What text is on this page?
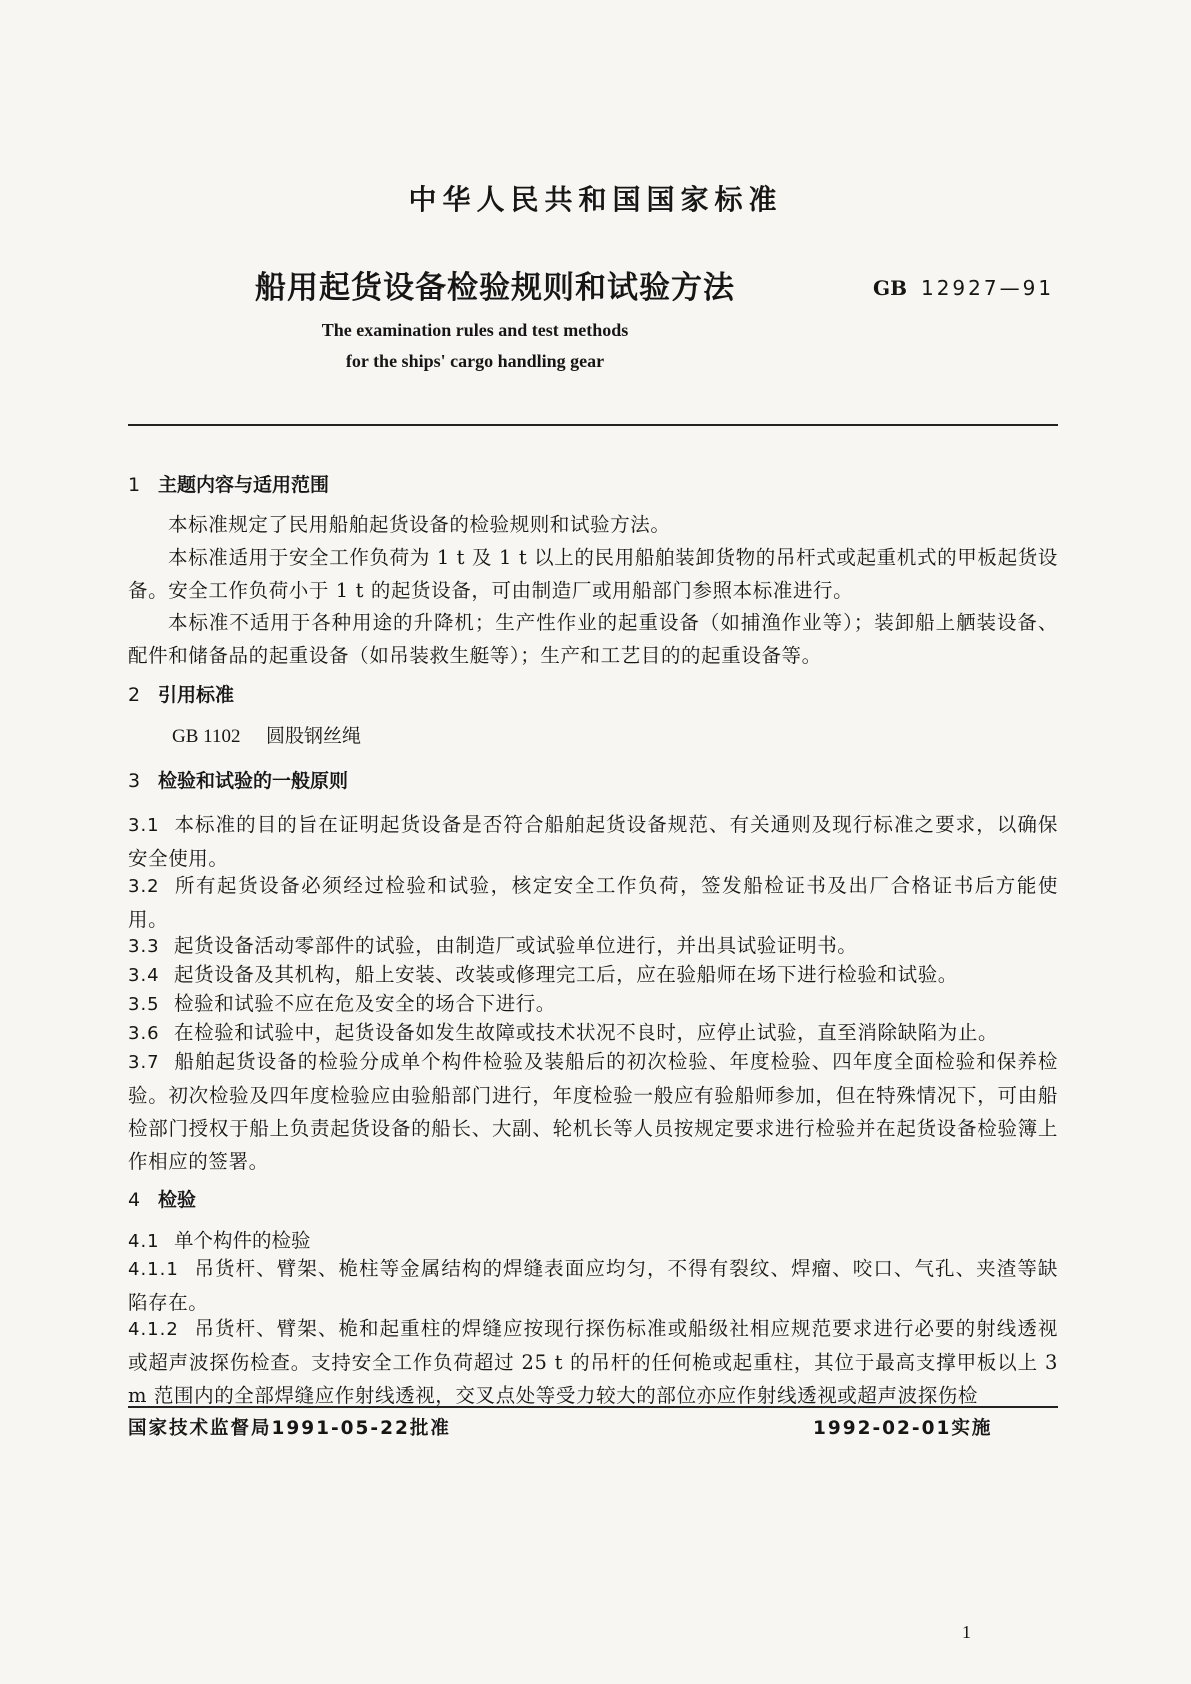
中华人民共和国国家标准
船用起货设备检验规则和试验方法	GB 12927—91
The examination rules and test methods
for the ships' cargo handling gear
1 主题内容与适用范围
本标准规定了民用船舶起货设备的检验规则和试验方法。
本标准适用于安全工作负荷为 1 t 及 1 t 以上的民用船舶装卸货物的吊杆式或起重机式的甲板起货设备。安全工作负荷小于 1 t 的起货设备，可由制造厂或用船部门参照本标准进行。
本标准不适用于各种用途的升降机；生产性作业的起重设备（如捕渔作业等）；装卸船上舾装设备、配件和储备品的起重设备（如吊装救生艇等）；生产和工艺目的的起重设备等。
2 引用标准
GB 1102 圆股钢丝绳
3 检验和试验的一般原则
3.1 本标准的目的旨在证明起货设备是否符合船舶起货设备规范、有关通则及现行标准之要求，以确保安全使用。
3.2 所有起货设备必须经过检验和试验，核定安全工作负荷，签发船检证书及出厂合格证书后方能使用。
3.3 起货设备活动零部件的试验，由制造厂或试验单位进行，并出具试验证明书。
3.4 起货设备及其机构，船上安装、改装或修理完工后，应在验船师在场下进行检验和试验。
3.5 检验和试验不应在危及安全的场合下进行。
3.6 在检验和试验中，起货设备如发生故障或技术状况不良时，应停止试验，直至消除缺陷为止。
3.7 船舶起货设备的检验分成单个构件检验及装船后的初次检验、年度检验、四年度全面检验和保养检验。初次检验及四年度检验应由验船部门进行，年度检验一般应有验船师参加，但在特殊情况下，可由船检部门授权于船上负责起货设备的船长、大副、轮机长等人员按规定要求进行检验并在起货设备检验簿上作相应的签署。
4 检验
4.1 单个构件的检验
4.1.1 吊货杆、臂架、桅柱等金属结构的焊缝表面应均匀，不得有裂纹、焊瘤、咬口、气孔、夹渣等缺陷存在。
4.1.2 吊货杆、臂架、桅和起重柱的焊缝应按现行探伤标准或船级社相应规范要求进行必要的射线透视或超声波探伤检查。支持安全工作负荷超过 25 t 的吊杆的任何桅或起重柱，其位于最高支撑甲板以上 3 m 范围内的全部焊缝应作射线透视，交叉点处等受力较大的部位亦应作射线透视或超声波探伤检
国家技术监督局1991-05-22批准	1992-02-01实施
1
